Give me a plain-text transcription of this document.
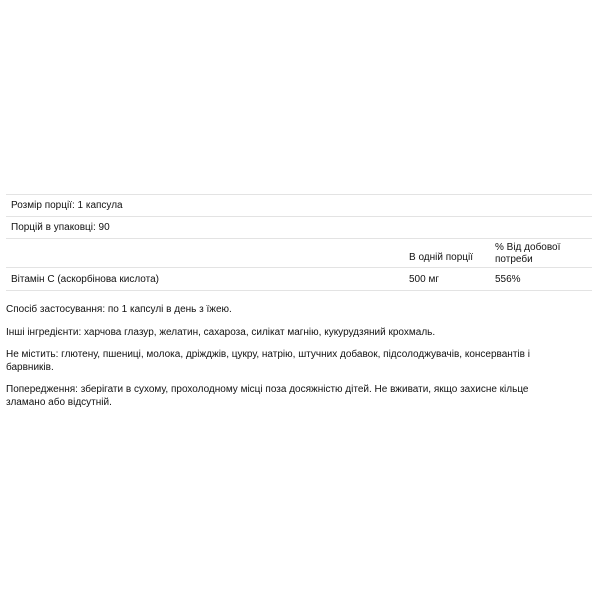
Розмір порції: 1 капсула
Порцій в упаковці: 90
В одній порції
% Від добової потреби
Вітамін C (аскорбінова кислота)	500 мг	556%

Спосіб застосування: по 1 капсулі в день з їжею.

Інші інгредієнти: харчова глазур, желатин, сахароза, силікат магнію, кукурудзяний крохмаль.

Не містить: глютену, пшениці, молока, дріжджів, цукру, натрію, штучних добавок, підсолоджувачів, консервантів і барвників.

Попередження: зберігати в сухому, прохолодному місці поза досяжністю дітей. Не вживати, якщо захисне кільце зламано або відсутній.
